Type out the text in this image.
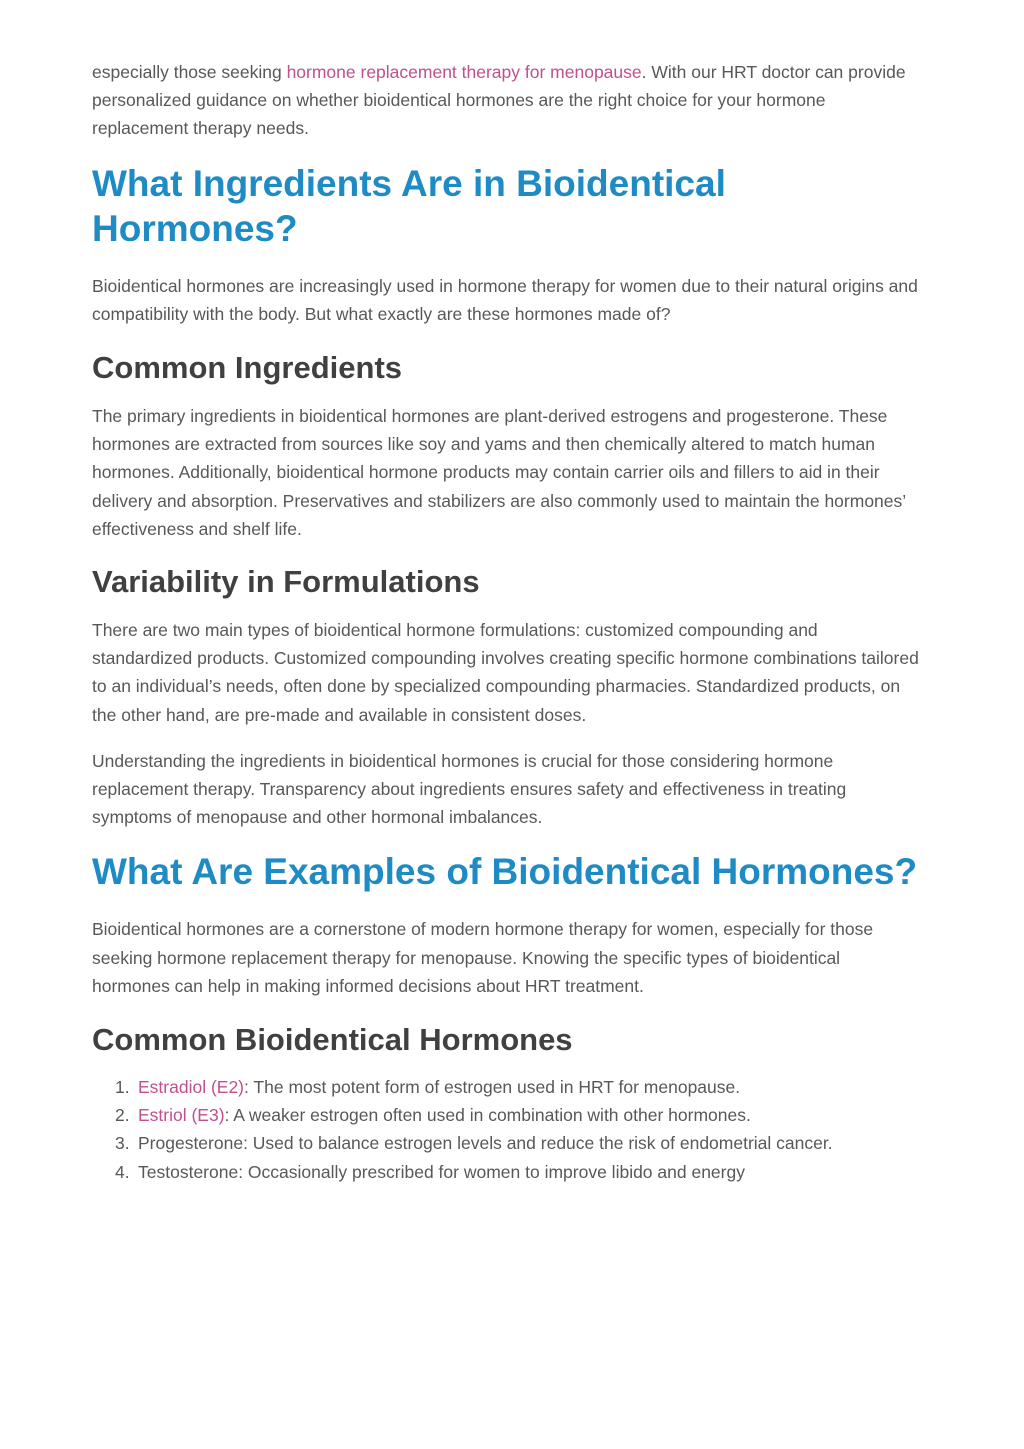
especially those seeking hormone replacement therapy for menopause. With our HRT doctor can provide personalized guidance on whether bioidentical hormones are the right choice for your hormone replacement therapy needs.

What Ingredients Are in Bioidentical Hormones?

Bioidentical hormones are increasingly used in hormone therapy for women due to their natural origins and compatibility with the body. But what exactly are these hormones made of?

Common Ingredients

The primary ingredients in bioidentical hormones are plant-derived estrogens and progesterone. These hormones are extracted from sources like soy and yams and then chemically altered to match human hormones. Additionally, bioidentical hormone products may contain carrier oils and fillers to aid in their delivery and absorption. Preservatives and stabilizers are also commonly used to maintain the hormones’ effectiveness and shelf life.

Variability in Formulations

There are two main types of bioidentical hormone formulations: customized compounding and standardized products. Customized compounding involves creating specific hormone combinations tailored to an individual’s needs, often done by specialized compounding pharmacies. Standardized products, on the other hand, are pre-made and available in consistent doses.

Understanding the ingredients in bioidentical hormones is crucial for those considering hormone replacement therapy. Transparency about ingredients ensures safety and effectiveness in treating symptoms of menopause and other hormonal imbalances.

What Are Examples of Bioidentical Hormones?

Bioidentical hormones are a cornerstone of modern hormone therapy for women, especially for those seeking hormone replacement therapy for menopause. Knowing the specific types of bioidentical hormones can help in making informed decisions about HRT treatment.

Common Bioidentical Hormones
1. Estradiol (E2): The most potent form of estrogen used in HRT for menopause.
2. Estriol (E3): A weaker estrogen often used in combination with other hormones.
3. Progesterone: Used to balance estrogen levels and reduce the risk of endometrial cancer.
4. Testosterone: Occasionally prescribed for women to improve libido and energy
